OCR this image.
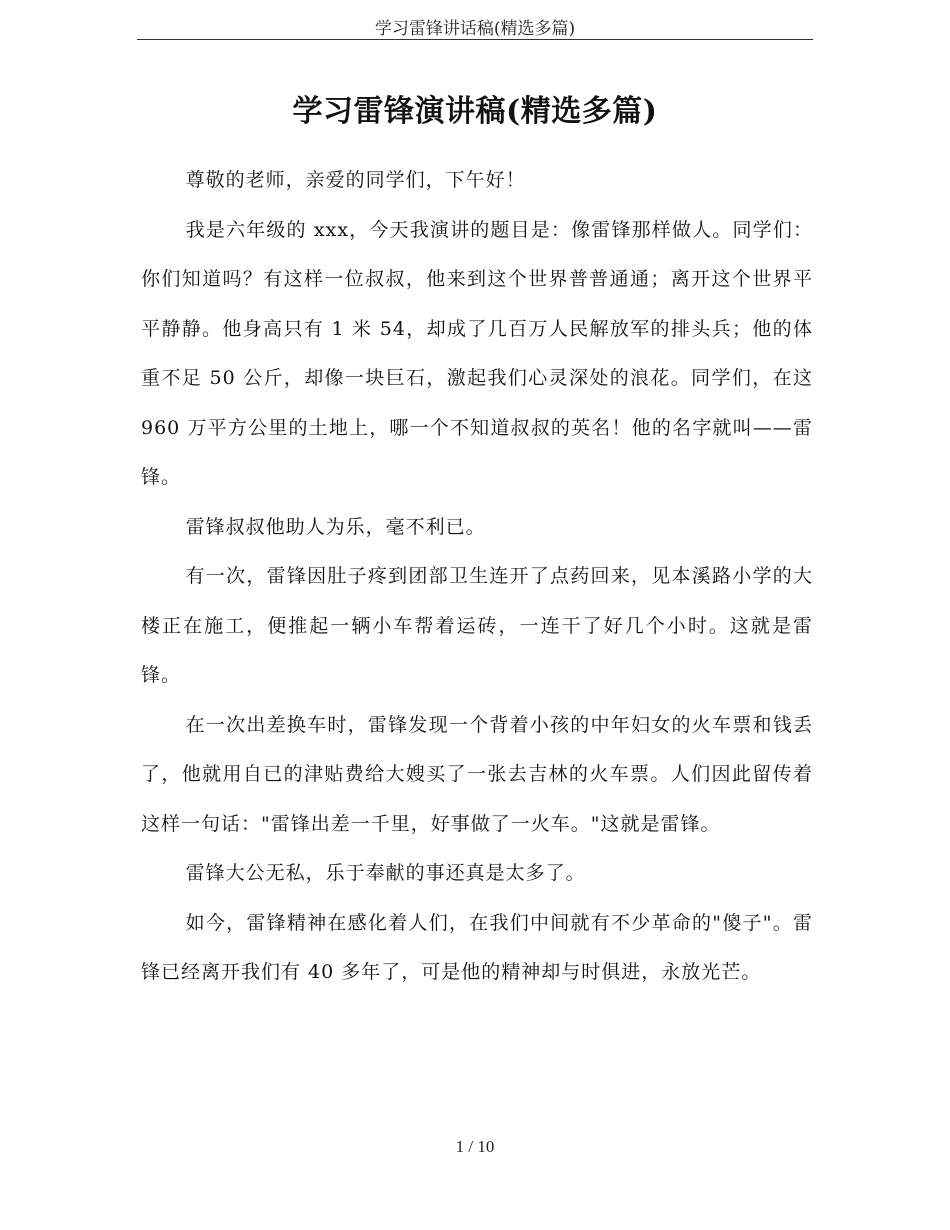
学习雷锋讲话稿(精选多篇)
学习雷锋演讲稿(精选多篇)

尊敬的老师，亲爱的同学们，下午好！

我是六年级的 xxx，今天我演讲的题目是：像雷锋那样做人。同学们：你们知道吗？有这样一位叔叔，他来到这个世界普普通通；离开这个世界平平静静。他身高只有 1 米 54，却成了几百万人民解放军的排头兵；他的体重不足 50 公斤，却像一块巨石，激起我们心灵深处的浪花。同学们，在这 960 万平方公里的土地上，哪一个不知道叔叔的英名！他的名字就叫——雷锋。

雷锋叔叔他助人为乐，毫不利已。

有一次，雷锋因肚子疼到团部卫生连开了点药回来，见本溪路小学的大楼正在施工，便推起一辆小车帮着运砖，一连干了好几个小时。这就是雷锋。

在一次出差换车时，雷锋发现一个背着小孩的中年妇女的火车票和钱丢了，他就用自已的津贴费给大嫂买了一张去吉林的火车票。人们因此留传着这样一句话："雷锋出差一千里，好事做了一火车。"这就是雷锋。

雷锋大公无私，乐于奉献的事还真是太多了。

如今，雷锋精神在感化着人们，在我们中间就有不少革命的"傻子"。雷锋已经离开我们有 40 多年了，可是他的精神却与时俱进，永放光芒。

1 / 10
